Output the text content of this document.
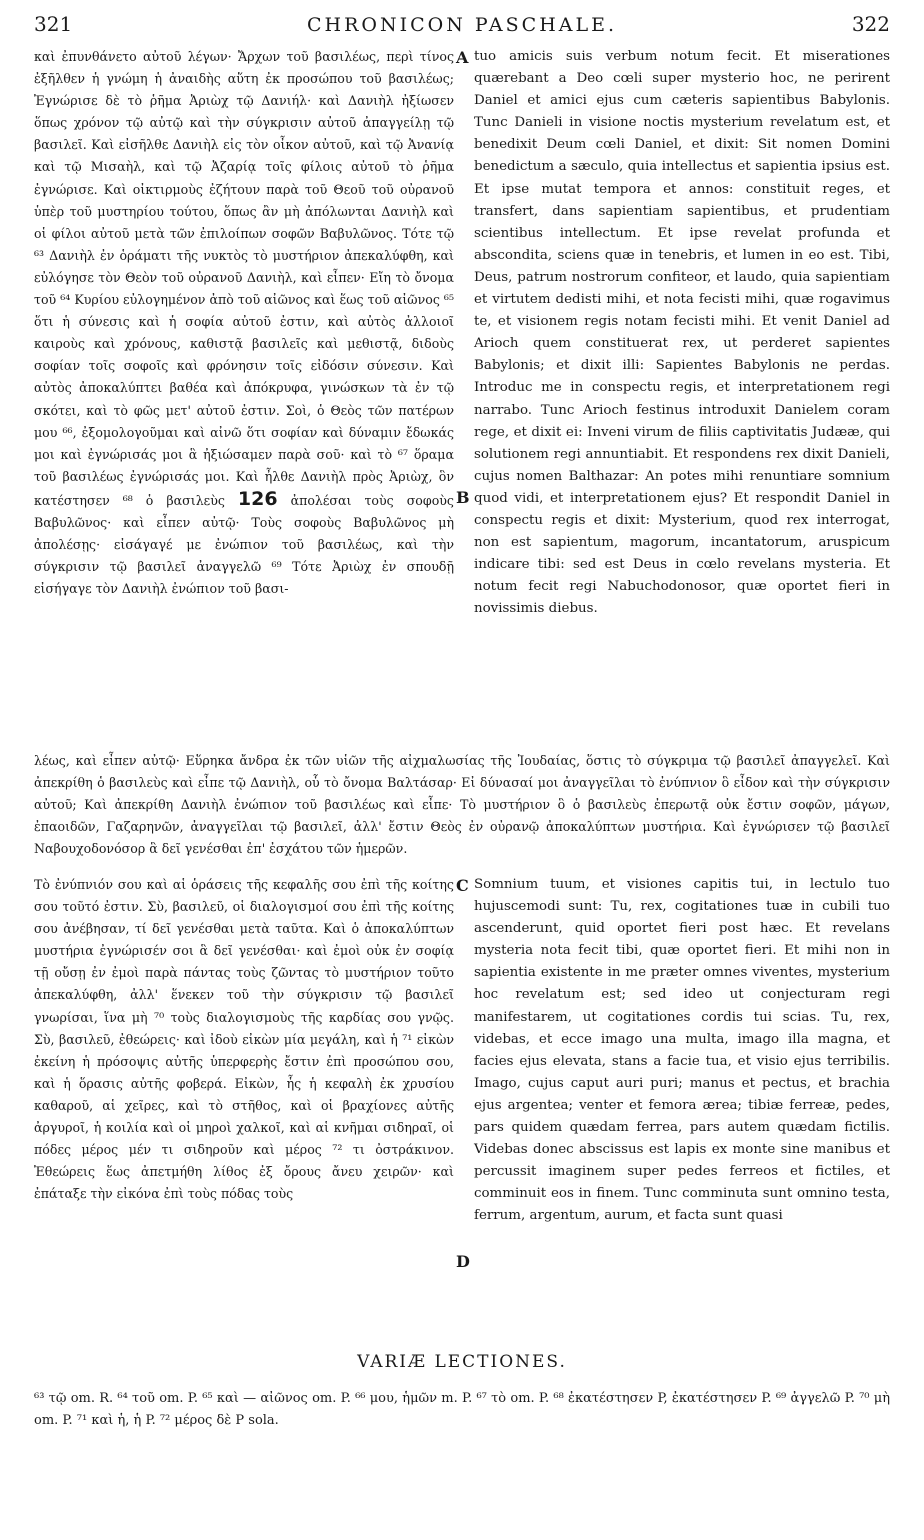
321	CHRONICON PASCHALE.	322
καὶ ἐπυνθάνετο αὐτοῦ λέγων· Ἄρχων τοῦ βασιλέως, περὶ τίνος ἐξῆλθεν ἡ γνώμη ἡ ἀναιδὴς αὕτη ἐκ προσώπου τοῦ βασιλέως; Ἐγνώρισε δὲ τὸ ῥῆμα Ἀριὼχ τῷ Δανιήλ· καὶ Δανιὴλ ἠξίωσεν ὅπως χρόνον τῷ αὐτῷ καὶ τὴν σύγκρισιν αὐτοῦ ἀπαγγείλῃ τῷ βασιλεῖ. Καὶ εἰσῆλθε Δανιὴλ εἰς τὸν οἶκον αὐτοῦ, καὶ τῷ Ἀνανίᾳ καὶ τῷ Μισαὴλ, καὶ τῷ Ἀζαρίᾳ τοῖς φίλοις αὐτοῦ τὸ ῥῆμα ἐγνώρισε. Καὶ οἰκτιρμοὺς ἐζήτουν παρὰ τοῦ Θεοῦ τοῦ οὐρανοῦ ὑπὲρ τοῦ μυστηρίου τούτου, ὅπως ἂν μὴ ἀπόλωνται Δανιὴλ καὶ οἱ φίλοι αὐτοῦ μετὰ τῶν ἐπιλοίπων σοφῶν Βαβυλῶνος. Τότε τῷ ⁶³ Δανιὴλ ἐν ὁράματι τῆς νυκτὸς τὸ μυστήριον ἀπεκαλύφθη, καὶ εὐλόγησε τὸν Θεὸν τοῦ οὐρανοῦ Δανιὴλ, καὶ εἶπεν· Εἴη τὸ ὄνομα τοῦ ⁶⁴ Κυρίου εὐλογημένον ἀπὸ τοῦ αἰῶνος καὶ ἕως τοῦ αἰῶνος ⁶⁵ ὅτι ἡ σύνεσις καὶ ἡ σοφία αὐτοῦ ἐστιν, καὶ αὐτὸς ἀλλοιοῖ καιροὺς καὶ χρόνους, καθιστᾷ βασιλεῖς καὶ μεθιστᾷ, διδοὺς σοφίαν τοῖς σοφοῖς καὶ φρόνησιν τοῖς εἰδόσιν σύνεσιν. Καὶ αὐτὸς ἀποκαλύπτει βαθέα καὶ ἀπόκρυφα, γινώσκων τὰ ἐν τῷ σκότει, καὶ τὸ φῶς μετ' αὐτοῦ ἐστιν. Σοὶ, ὁ Θεὸς τῶν πατέρων μου ⁶⁶, ἐξομολογοῦμαι καὶ αἰνῶ ὅτι σοφίαν καὶ δύναμιν ἔδωκάς μοι καὶ ἐγνώρισάς μοι ἃ ἠξιώσαμεν παρὰ σοῦ· καὶ τὸ ⁶⁷ ὅραμα τοῦ βασιλέως ἐγνώρισάς μοι. Καὶ ἦλθε Δανιὴλ πρὸς Ἀριὼχ, ὃν κατέστησεν ⁶⁸ ὁ βασιλεὺς 126 ἀπολέσαι τοὺς σοφοὺς Βαβυλῶνος· καὶ εἶπεν αὐτῷ· Τοὺς σοφοὺς Βαβυλῶνος μὴ ἀπολέσῃς· εἰσάγαγέ με ἐνώπιον τοῦ βασιλέως, καὶ τὴν σύγκρισιν τῷ βασιλεῖ ἀναγγελῶ ⁶⁹ Τότε Ἀριὼχ ἐν σπουδῇ εἰσήγαγε τὸν Δανιὴλ ἐνώπιον τοῦ βασι-
A
B
tuo amicis suis verbum notum fecit. Et miserationes quærebant a Deo cœli super mysterio hoc, ne perirent Daniel et amici ejus cum cæteris sapientibus Babylonis. Tunc Danieli in visione noctis mysterium revelatum est, et benedixit Deum cœli Daniel, et dixit: Sit nomen Domini benedictum a sæculo, quia intellectus et sapientia ipsius est. Et ipse mutat tempora et annos: constituit reges, et transfert, dans sapientiam sapientibus, et prudentiam scientibus intellectum. Et ipse revelat profunda et abscondita, sciens quæ in tenebris, et lumen in eo est. Tibi, Deus, patrum nostrorum confiteor, et laudo, quia sapientiam et virtutem dedisti mihi, et nota fecisti mihi, quæ rogavimus te, et visionem regis notam fecisti mihi. Et venit Daniel ad Arioch quem constituerat rex, ut perderet sapientes Babylonis; et dixit illi: Sapientes Babylonis ne perdas. Introduc me in conspectu regis, et interpretationem regi narrabo. Tunc Arioch festinus introduxit Danielem coram rege, et dixit ei: Inveni virum de filiis captivitatis Judææ, qui solutionem regi annuntiabit. Et respondens rex dixit Danieli, cujus nomen Balthazar: An potes mihi renuntiare somnium quod vidi, et interpretationem ejus? Et respondit Daniel in conspectu regis et dixit: Mysterium, quod rex interrogat, non est sapientum, magorum, incantatorum, aruspicum indicare tibi: sed est Deus in cœlo revelans mysteria. Et notum fecit regi Nabuchodonosor, quæ oportet fieri in novissimis diebus.
λέως, καὶ εἶπεν αὐτῷ· Εὕρηκα ἄνδρα ἐκ τῶν υἱῶν τῆς αἰχμαλωσίας τῆς Ἰουδαίας, ὅστις τὸ σύγκριμα τῷ βασιλεῖ ἀπαγγελεῖ. Καὶ ἀπεκρίθη ὁ βασιλεὺς καὶ εἶπε τῷ Δανιὴλ, οὗ τὸ ὄνομα Βαλτάσαρ· Εἰ δύνασαί μοι ἀναγγεῖλαι τὸ ἐνύπνιον ὃ εἶδον καὶ τὴν σύγκρισιν αὐτοῦ; Καὶ ἀπεκρίθη Δανιὴλ ἐνώπιον τοῦ βασιλέως καὶ εἶπε· Τὸ μυστήριον ὃ ὁ βασιλεὺς ἐπερωτᾷ οὐκ ἔστιν σοφῶν, μάγων, ἐπαοιδῶν, Γαζαρηνῶν, ἀναγγεῖλαι τῷ βασιλεῖ, ἀλλ' ἔστιν Θεὸς ἐν οὐρανῷ ἀποκαλύπτων μυστήρια. Καὶ ἐγνώρισεν τῷ βασιλεῖ Ναβουχοδονόσορ ἃ δεῖ γενέσθαι ἐπ' ἐσχάτου τῶν ἡμερῶν.
Τὸ ἐνύπνιόν σου καὶ αἱ ὁράσεις τῆς κεφαλῆς σου ἐπὶ τῆς κοίτης σου τοῦτό ἐστιν. Σὺ, βασιλεῦ, οἱ διαλογισμοί σου ἐπὶ τῆς κοίτης σου ἀνέβησαν, τί δεῖ γενέσθαι μετὰ ταῦτα. Καὶ ὁ ἀποκαλύπτων μυστήρια ἐγνώρισέν σοι ἃ δεῖ γενέσθαι· καὶ ἐμοὶ οὐκ ἐν σοφίᾳ τῇ οὔσῃ ἐν ἐμοὶ παρὰ πάντας τοὺς ζῶντας τὸ μυστήριον τοῦτο ἀπεκαλύφθη, ἀλλ' ἕνεκεν τοῦ τὴν σύγκρισιν τῷ βασιλεῖ γνωρίσαι, ἵνα μὴ ⁷⁰ τοὺς διαλογισμοὺς τῆς καρδίας σου γνῷς. Σὺ, βασιλεῦ, ἐθεώρεις· καὶ ἰδοὺ εἰκὼν μία μεγάλη, καὶ ἡ ⁷¹ εἰκὼν ἐκείνη ἡ πρόσοψις αὐτῆς ὑπερφερὴς ἔστιν ἐπὶ προσώπου σου, καὶ ἡ ὅρασις αὐτῆς φοβερά. Εἰκὼν, ἧς ἡ κεφαλὴ ἐκ χρυσίου καθαροῦ, αἱ χεῖρες, καὶ τὸ στῆθος, καὶ οἱ βραχίονες αὐτῆς ἀργυροῖ, ἡ κοιλία καὶ οἱ μηροὶ χαλκοῖ, καὶ αἱ κνῆμαι σιδηραῖ, οἱ πόδες μέρος μέν τι σιδηροῦν καὶ μέρος ⁷² τι ὀστράκινον. Ἐθεώρεις ἕως ἀπετμήθη λίθος ἐξ ὄρους ἄνευ χειρῶν· καὶ ἐπάταξε τὴν εἰκόνα ἐπὶ τοὺς πόδας τοὺς
C
D
Somnium tuum, et visiones capitis tui, in lectulo tuo hujuscemodi sunt: Tu, rex, cogitationes tuæ in cubili tuo ascenderunt, quid oportet fieri post hæc. Et revelans mysteria nota fecit tibi, quæ oportet fieri. Et mihi non in sapientia existente in me præter omnes viventes, mysterium hoc revelatum est; sed ideo ut conjecturam regi manifestarem, ut cogitationes cordis tui scias. Tu, rex, videbas, et ecce imago una multa, imago illa magna, et facies ejus elevata, stans a facie tua, et visio ejus terribilis. Imago, cujus caput auri puri; manus et pectus, et brachia ejus argentea; venter et femora ærea; tibiæ ferreæ, pedes, pars quidem quædam ferrea, pars autem quædam fictilis. Videbas donec abscissus est lapis ex monte sine manibus et percussit imaginem super pedes ferreos et fictiles, et comminuit eos in finem. Tunc comminuta sunt omnino testa, ferrum, argentum, aurum, et facta sunt quasi
VARIÆ LECTIONES.
⁶³ τῷ om. R. ⁶⁴ τοῦ om. P. ⁶⁵ καὶ — αἰῶνος om. P. ⁶⁶ μου, ἡμῶν m. P. ⁶⁷ τὸ om. P. ⁶⁸ ἐκατέστησεν P, ἐκατέστησεν P. ⁶⁹ ἀγγελῶ P. ⁷⁰ μὴ om. P. ⁷¹ καὶ ἡ, ἡ P. ⁷² μέρος δὲ P sola.
